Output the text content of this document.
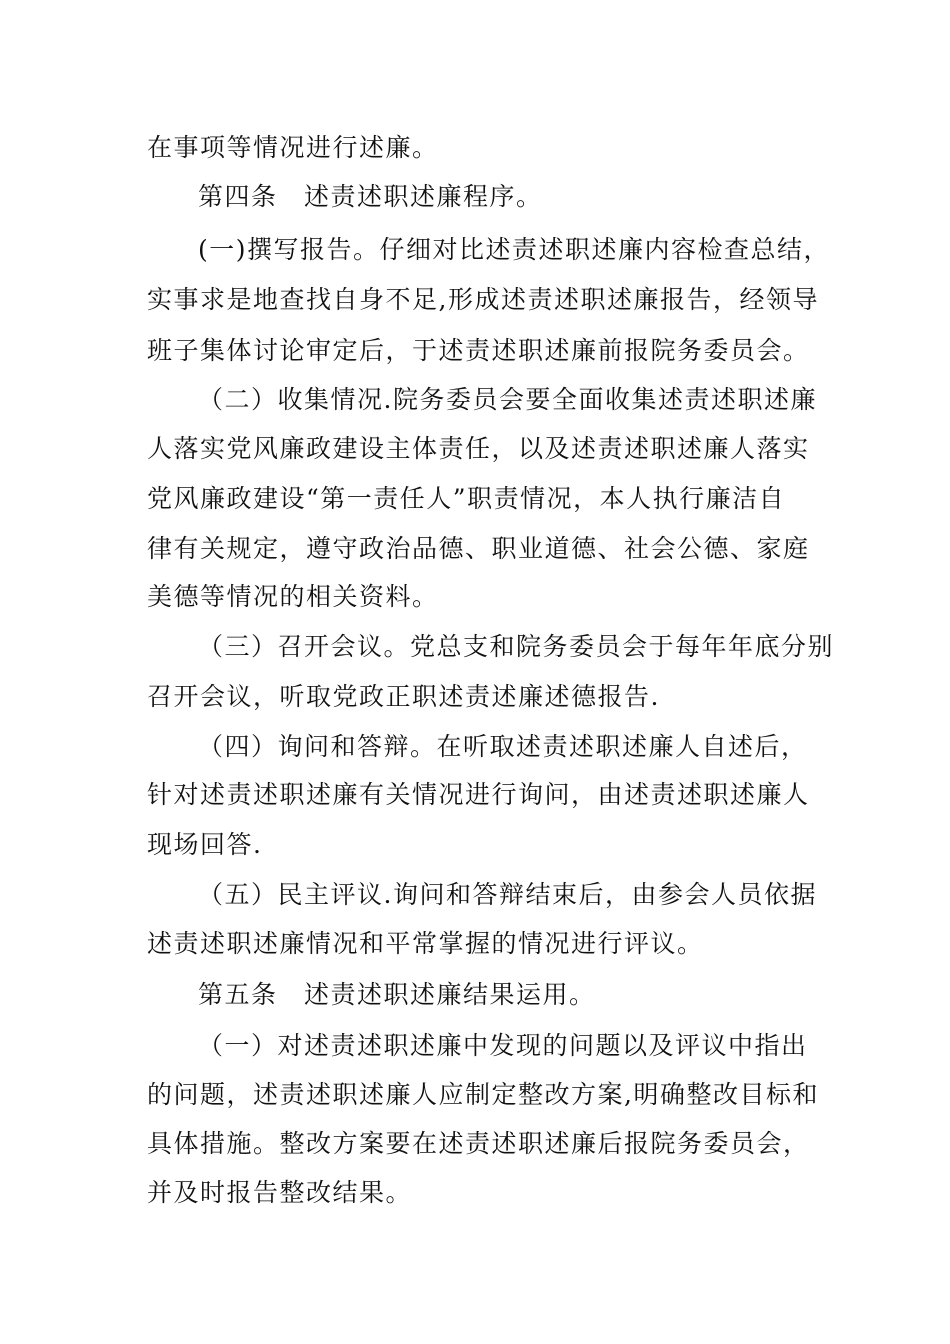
在事项等情况进行述廉。
第四条　述责述职述廉程序。
(一)撰写报告。仔细对比述责述职述廉内容检查总结，
实事求是地查找自身不足,形成述责述职述廉报告，经领导
班子集体讨论审定后，于述责述职述廉前报院务委员会。
（二）收集情况.院务委员会要全面收集述责述职述廉
人落实党风廉政建设主体责任，以及述责述职述廉人落实
党风廉政建设“第一责任人”职责情况，本人执行廉洁自
律有关规定，遵守政治品德、职业道德、社会公德、家庭
美德等情况的相关资料。
（三）召开会议。党总支和院务委员会于每年年底分别
召开会议，听取党政正职述责述廉述德报告.
（四）询问和答辩。在听取述责述职述廉人自述后，
针对述责述职述廉有关情况进行询问，由述责述职述廉人
现场回答.
（五）民主评议.询问和答辩结束后，由参会人员依据
述责述职述廉情况和平常掌握的情况进行评议。
第五条　述责述职述廉结果运用。
（一）对述责述职述廉中发现的问题以及评议中指出
的问题，述责述职述廉人应制定整改方案,明确整改目标和
具体措施。整改方案要在述责述职述廉后报院务委员会，
并及时报告整改结果。
